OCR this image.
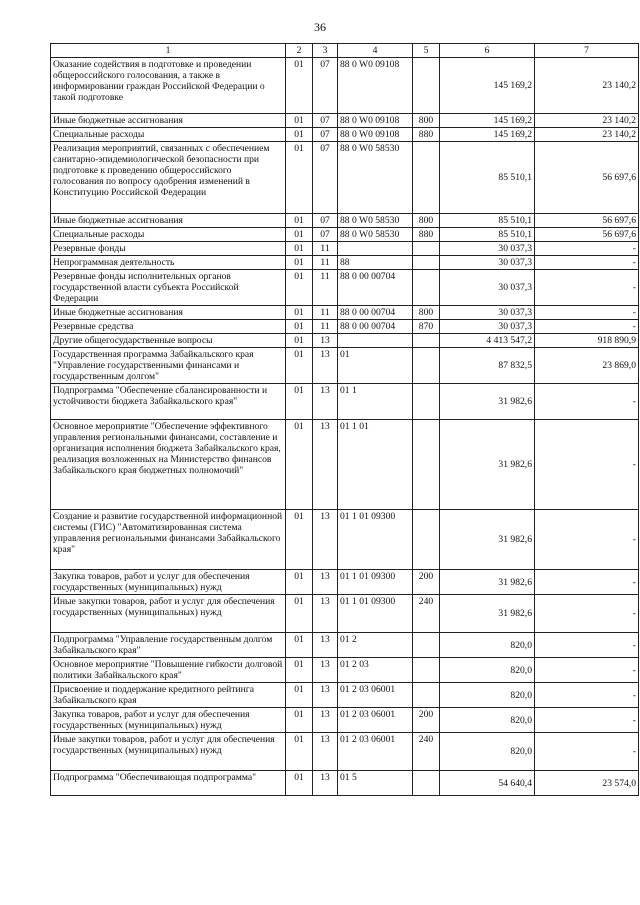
36
1	2	3	4	5	6	7
Оказание содействия в подготовке и проведении общероссийского голосования, а также в информировании граждан Российской Федерации о такой подготовке	01	07	88 0 W0 09108		145 169,2	23 140,2
Иные бюджетные ассигнования	01	07	88 0 W0 09108	800	145 169,2	23 140,2
Специальные расходы	01	07	88 0 W0 09108	880	145 169,2	23 140,2
Реализация мероприятий, связанных с обеспечением санитарно-эпидемиологической безопасности при подготовке к проведению общероссийского голосования по вопросу одобрения изменений в Конституцию Российской Федерации	01	07	88 0 W0 58530		85 510,1	56 697,6
Иные бюджетные ассигнования	01	07	88 0 W0 58530	800	85 510,1	56 697,6
Специальные расходы	01	07	88 0 W0 58530	880	85 510,1	56 697,6
Резервные фонды	01	11			30 037,3	-
Непрограммная деятельность	01	11	88		30 037,3	-
Резервные фонды исполнительных органов государственной власти субъекта Российской Федерации	01	11	88 0 00 00704		30 037,3	-
Иные бюджетные ассигнования	01	11	88 0 00 00704	800	30 037,3	-
Резервные средства	01	11	88 0 00 00704	870	30 037,3	-
Другие общегосударственные вопросы	01	13			4 413 547,2	918 890,9
Государственная программа Забайкальского края "Управление государственными финансами и государственным долгом"	01	13	01		87 832,5	23 869,0
Подпрограмма "Обеспечение сбалансированности и устойчивости бюджета Забайкальского края"	01	13	01 1		31 982,6	-
Основное мероприятие "Обеспечение эффективного управления региональными финансами, составление и организация исполнения бюджета Забайкальского края, реализация возложенных на Министерство финансов Забайкальского края бюджетных полномочий"	01	13	01 1 01		31 982,6	-
Создание и развитие государственной информационной системы (ГИС) "Автоматизированная система управления региональными финансами Забайкальского края"	01	13	01 1 01 09300		31 982,6	-
Закупка товаров, работ и услуг для обеспечения государственных (муниципальных) нужд	01	13	01 1 01 09300	200	31 982,6	-
Иные закупки товаров, работ и услуг для обеспечения государственных (муниципальных) нужд	01	13	01 1 01 09300	240	31 982,6	-
Подпрограмма "Управление государственным долгом Забайкальского края"	01	13	01 2		820,0	-
Основное мероприятие "Повышение гибкости долговой политики Забайкальского края"	01	13	01 2 03		820,0	-
Присвоение и поддержание кредитного рейтинга Забайкальского края	01	13	01 2 03 06001		820,0	-
Закупка товаров, работ и услуг для обеспечения государственных (муниципальных) нужд	01	13	01 2 03 06001	200	820,0	-
Иные закупки товаров, работ и услуг для обеспечения государственных (муниципальных) нужд	01	13	01 2 03 06001	240	820,0	-
Подпрограмма "Обеспечивающая подпрограмма"	01	13	01 5		54 640,4	23 574,0
